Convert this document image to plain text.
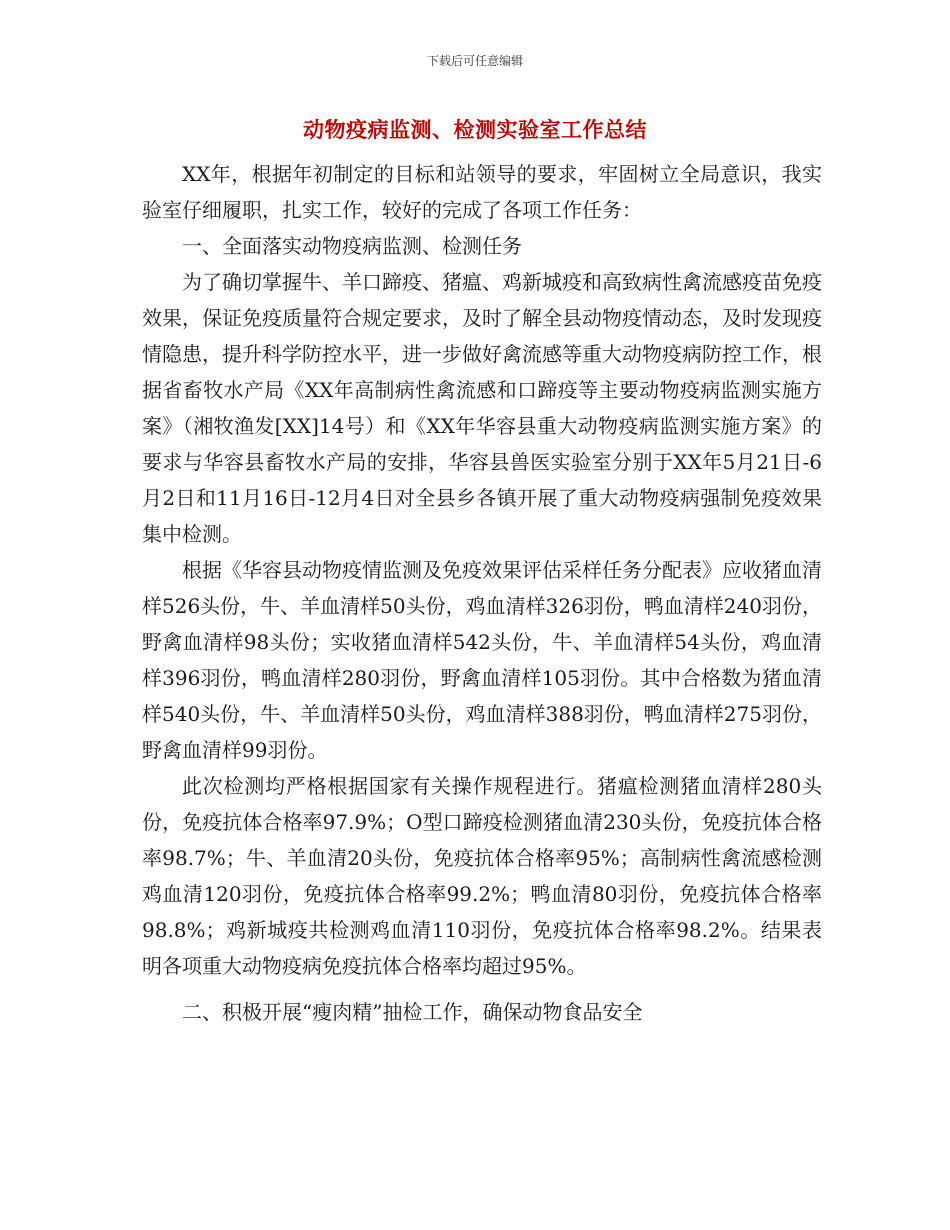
下载后可任意编辑
动物疫病监测、检测实验室工作总结

XX年，根据年初制定的目标和站领导的要求，牢固树立全局意识，我实验室仔细履职，扎实工作，较好的完成了各项工作任务：

一、全面落实动物疫病监测、检测任务

为了确切掌握牛、羊口蹄疫、猪瘟、鸡新城疫和高致病性禽流感疫苗免疫效果，保证免疫质量符合规定要求，及时了解全县动物疫情动态，及时发现疫情隐患，提升科学防控水平，进一步做好禽流感等重大动物疫病防控工作，根据省畜牧水产局《XX年高制病性禽流感和口蹄疫等主要动物疫病监测实施方案》（湘牧渔发[XX]14号）和《XX年华容县重大动物疫病监测实施方案》的要求与华容县畜牧水产局的安排，华容县兽医实验室分别于XX年5月21日-6月2日和11月16日-12月4日对全县乡各镇开展了重大动物疫病强制免疫效果集中检测。

根据《华容县动物疫情监测及免疫效果评估采样任务分配表》应收猪血清样526头份，牛、羊血清样50头份，鸡血清样326羽份，鸭血清样240羽份，野禽血清样98头份；实收猪血清样542头份，牛、羊血清样54头份，鸡血清样396羽份，鸭血清样280羽份，野禽血清样105羽份。其中合格数为猪血清样540头份，牛、羊血清样50头份，鸡血清样388羽份，鸭血清样275羽份，野禽血清样99羽份。

此次检测均严格根据国家有关操作规程进行。猪瘟检测猪血清样280头份，免疫抗体合格率97.9%；O型口蹄疫检测猪血清230头份，免疫抗体合格率98.7%；牛、羊血清20头份，免疫抗体合格率95%；高制病性禽流感检测鸡血清120羽份，免疫抗体合格率99.2%；鸭血清80羽份，免疫抗体合格率98.8%；鸡新城疫共检测鸡血清110羽份，免疫抗体合格率98.2%。结果表明各项重大动物疫病免疫抗体合格率均超过95%。

二、积极开展“瘦肉精”抽检工作，确保动物食品安全
